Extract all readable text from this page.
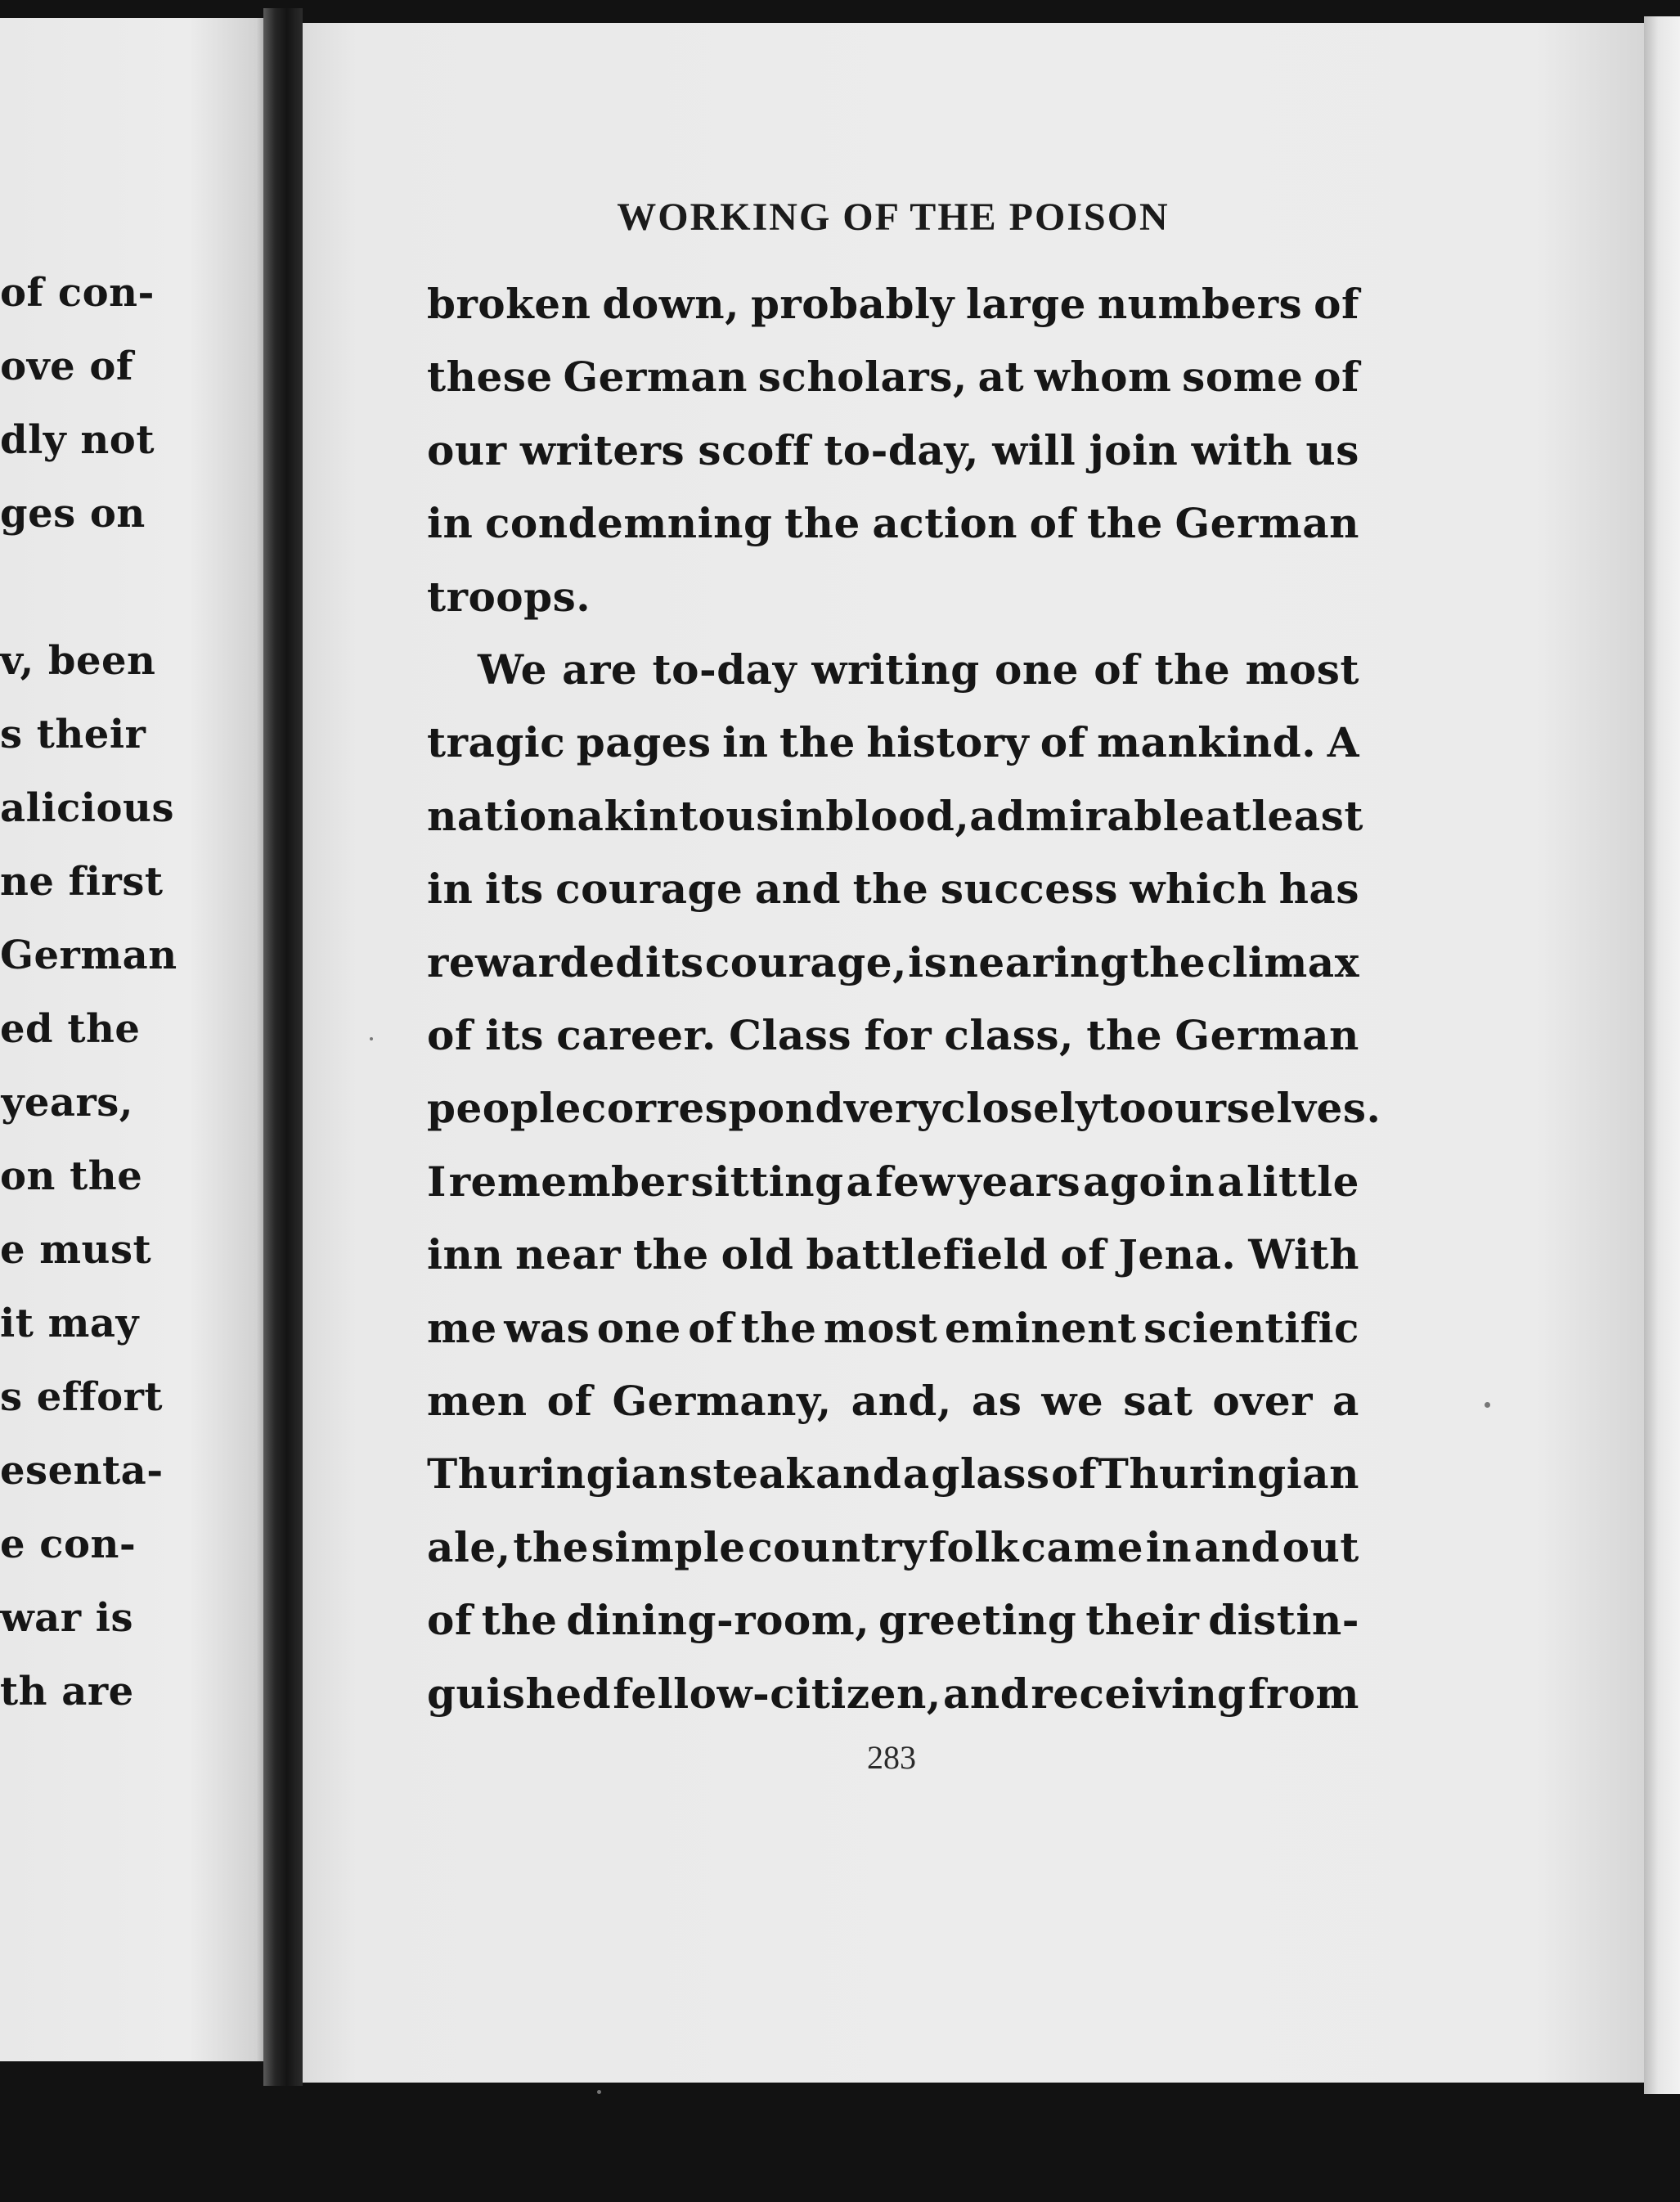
of con-
ove of
dly not
ges on
v, been
s their
alicious
ne first
German
ed the
years,
on the
e must
it may
s effort
esenta-
e con-
war is
th are
WORKING OF THE POISON
broken down, probably large numbers of
these German scholars, at whom some of
our writers scoff to-day, will join with us
in condemning the action of the German
troops.
We are to-day writing one of the most
tragic pages in the history of mankind. A
nation akin to us in blood, admirable at least
in its courage and the success which has
rewarded its courage, is nearing the climax
of its career. Class for class, the German
people correspond very closely to ourselves.
I remember sitting a few years ago in a little
inn near the old battlefield of Jena. With
me was one of the most eminent scientific
men of Germany, and, as we sat over a
Thuringian steak and a glass of Thuringian
ale, the simple country folk came in and out
of the dining-room, greeting their distin-
guished fellow-citizen, and receiving from
283
